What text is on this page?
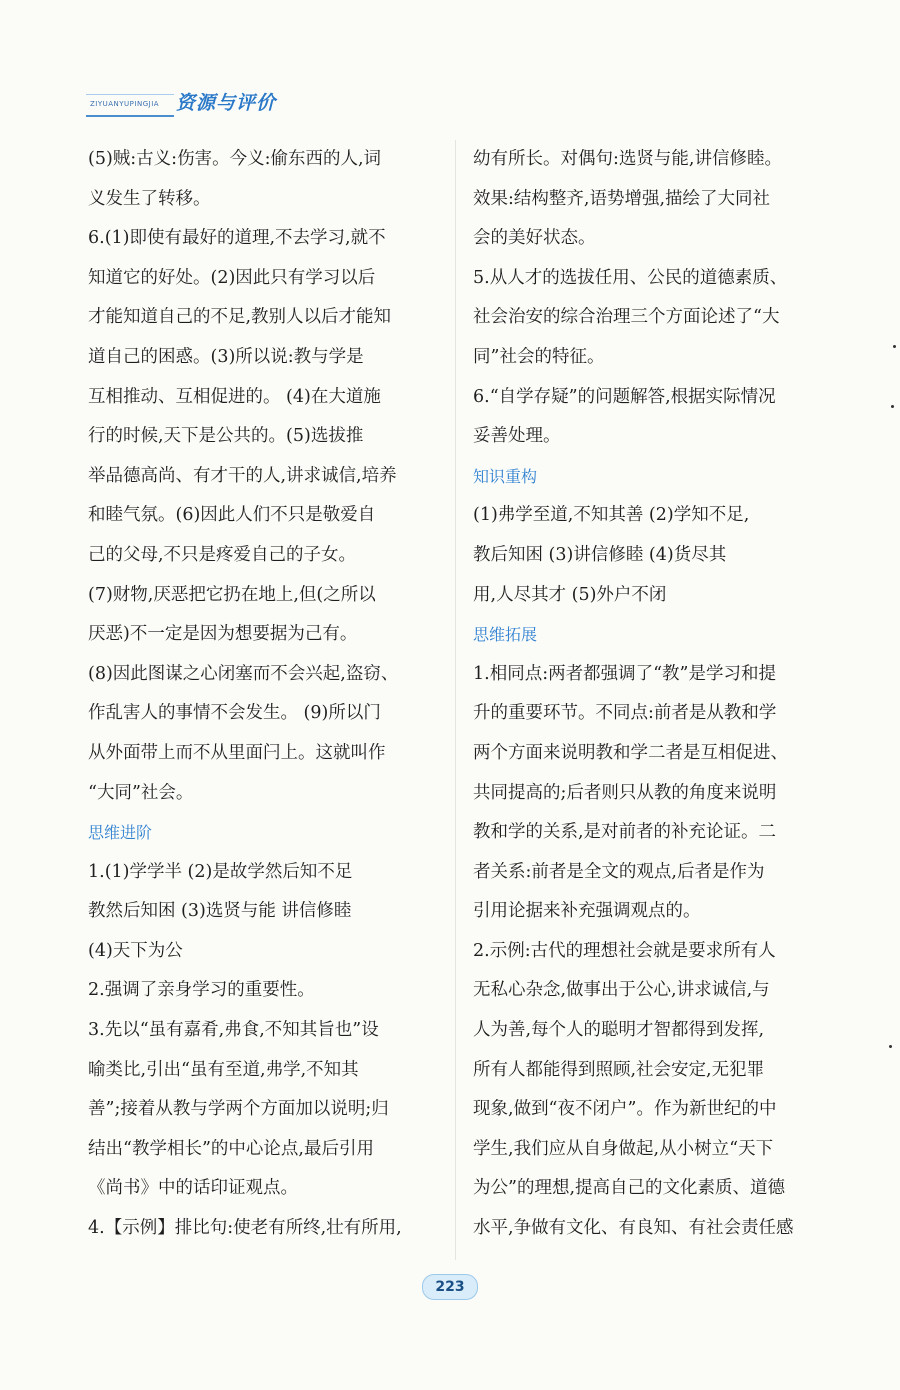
ZIYUANYUPINGJIA 资源与评价

(5)贼:古义:伤害。今义:偷东西的人,词

义发生了转移。

6.(1)即使有最好的道理,不去学习,就不

知道它的好处。(2)因此只有学习以后

才能知道自己的不足,教别人以后才能知

道自己的困惑。(3)所以说:教与学是

互相推动、互相促进的。 (4)在大道施

行的时候,天下是公共的。(5)选拔推

举品德高尚、有才干的人,讲求诚信,培养

和睦气氛。(6)因此人们不只是敬爱自

己的父母,不只是疼爱自己的子女。

(7)财物,厌恶把它扔在地上,但(之所以

厌恶)不一定是因为想要据为己有。

(8)因此图谋之心闭塞而不会兴起,盗窃、

作乱害人的事情不会发生。 (9)所以门

从外面带上而不从里面闩上。这就叫作

“大同”社会。

思维进阶

1.(1)学学半 (2)是故学然后知不足

教然后知困 (3)选贤与能 讲信修睦

(4)天下为公

2.强调了亲身学习的重要性。

3.先以“虽有嘉肴,弗食,不知其旨也”设

喻类比,引出“虽有至道,弗学,不知其

善”;接着从教与学两个方面加以说明;归

结出“教学相长”的中心论点,最后引用

《尚书》中的话印证观点。

4.【示例】排比句:使老有所终,壮有所用,

幼有所长。对偶句:选贤与能,讲信修睦。

效果:结构整齐,语势增强,描绘了大同社

会的美好状态。

5.从人才的选拔任用、公民的道德素质、

社会治安的综合治理三个方面论述了“大

同”社会的特征。

6.“自学存疑”的问题解答,根据实际情况

妥善处理。

知识重构

(1)弗学至道,不知其善 (2)学知不足,

教后知困 (3)讲信修睦 (4)货尽其

用,人尽其才 (5)外户不闭

思维拓展

1.相同点:两者都强调了“教”是学习和提

升的重要环节。不同点:前者是从教和学

两个方面来说明教和学二者是互相促进、

共同提高的;后者则只从教的角度来说明

教和学的关系,是对前者的补充论证。二

者关系:前者是全文的观点,后者是作为

引用论据来补充强调观点的。

2.示例:古代的理想社会就是要求所有人

无私心杂念,做事出于公心,讲求诚信,与

人为善,每个人的聪明才智都得到发挥,

所有人都能得到照顾,社会安定,无犯罪

现象,做到“夜不闭户”。作为新世纪的中

学生,我们应从自身做起,从小树立“天下

为公”的理想,提高自己的文化素质、道德

水平,争做有文化、有良知、有社会责任感

223
